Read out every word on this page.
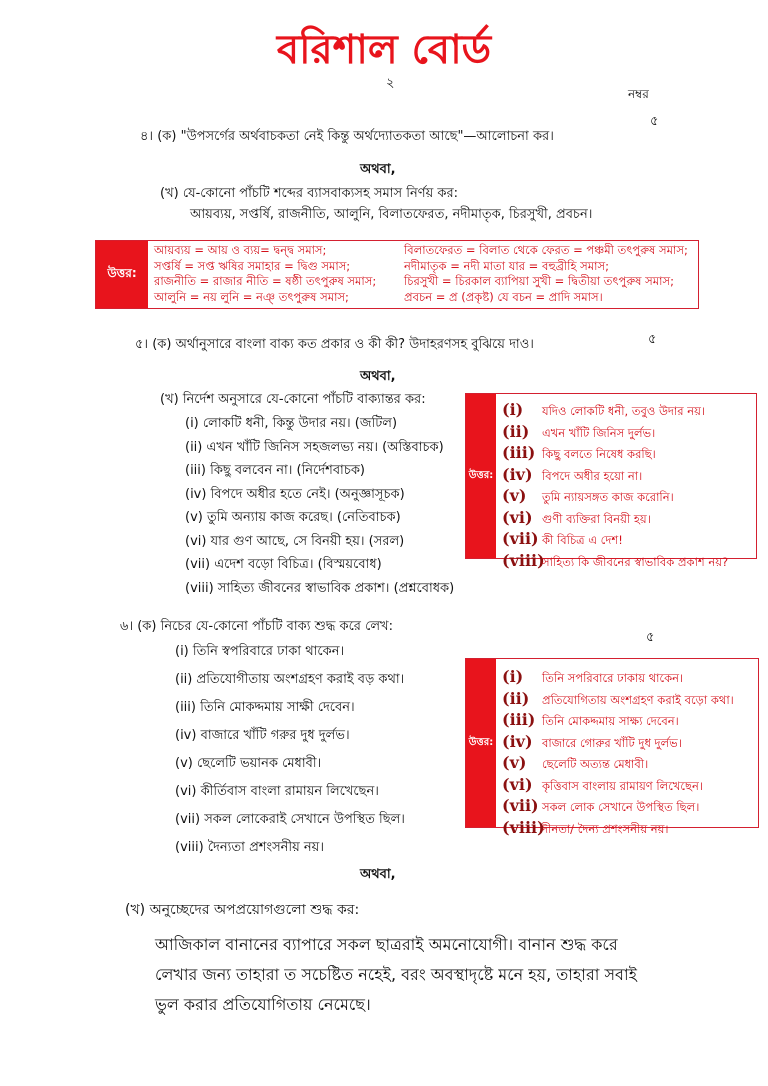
বরিশাল বোর্ড
২
নম্বর
৫
৪। (ক) "উপসর্গের অর্থবাচকতা নেই কিন্তু অর্থদ্যোতকতা আছে"—আলোচনা কর।
অথবা,
(খ) যে-কোনো পাঁচটি শব্দের ব্যাসবাক্যসহ সমাস নির্ণয় কর:
আয়ব্যয়, সপ্তর্ষি, রাজনীতি, আলুনি, বিলাতফেরত, নদীমাতৃক, চিরসুখী, প্রবচন।
উত্তর:
আয়ব্যয় = আয় ও ব্যয়= দ্বন্দ্ব সমাস;
সপ্তর্ষি = সপ্ত ঋষির সমাহার = দ্বিগু সমাস;
রাজনীতি = রাজার নীতি = ষষ্ঠী তৎপুরুষ সমাস;
আলুনি = নয় লুনি = নঞ্ তৎপুরুষ সমাস;
বিলাতফেরত = বিলাত থেকে ফেরত = পঞ্চমী তৎপুরুষ সমাস;
নদীমাতৃক = নদী মাতা যার = বহুব্রীহি সমাস;
চিরসুখী = চিরকাল ব্যাপিয়া সুখী = দ্বিতীয়া তৎপুরুষ সমাস;
প্রবচন = প্র (প্রকৃষ্ট) যে বচন = প্রাদি সমাস।
৫
৫। (ক) অর্থানুসারে বাংলা বাক্য কত প্রকার ও কী কী? উদাহরণসহ বুঝিয়ে দাও।
অথবা,
(খ) নির্দেশ অনুসারে যে-কোনো পাঁচটি বাক্যান্তর কর:
(i) লোকটি ধনী, কিন্তু উদার নয়। (জটিল)
(ii) এখন খাঁটি জিনিস সহজলভ্য নয়। (অস্তিবাচক)
(iii) কিছু বলবেন না। (নির্দেশবাচক)
(iv) বিপদে অধীর হতে নেই। (অনুজ্ঞাসূচক)
(v) তুমি অন্যায় কাজ করেছ। (নেতিবাচক)
(vi) যার গুণ আছে, সে বিনয়ী হয়। (সরল)
(vii) এদেশ বড়ো বিচিত্র। (বিস্ময়বোধ)
(viii) সাহিত্য জীবনের স্বাভাবিক প্রকাশ। (প্রশ্নবোধক)
উত্তর:
(i) যদিও লোকটি ধনী, তবুও উদার নয়।
(ii) এখন খাঁটি জিনিস দুর্লভ।
(iii) কিছু বলতে নিষেধ করছি।
(iv) বিপদে অধীর হয়ো না।
(v) তুমি ন্যায়সঙ্গত কাজ করোনি।
(vi) গুণী ব্যক্তিরা বিনয়ী হয়।
(vii) কী বিচিত্র এ দেশ!
(viii)সাহিত্য কি জীবনের স্বাভাবিক প্রকাশ নয়?
৬। (ক) নিচের যে-কোনো পাঁচটি বাক্য শুদ্ধ করে লেখ:
৫
(i) তিনি স্বপরিবারে ঢাকা থাকেন।
(ii) প্রতিযোগীতায় অংশগ্রহণ করাই বড় কথা।
(iii) তিনি মোকদ্দমায় সাক্ষী দেবেন।
(iv) বাজারে খাঁটি গরুর দুধ দুর্লভ।
(v) ছেলেটি ভয়ানক মেধাবী।
(vi) কীর্তিবাস বাংলা রামায়ন লিখেছেন।
(vii) সকল লোকেরাই সেখানে উপস্থিত ছিল।
(viii) দৈন্যতা প্রশংসনীয় নয়।
উত্তর:
(i) তিনি সপরিবারে ঢাকায় থাকেন।
(ii) প্রতিযোগিতায় অংশগ্রহণ করাই বড়ো কথা।
(iii) তিনি মোকদ্দমায় সাক্ষ্য দেবেন।
(iv) বাজারে গোরুর খাঁটি দুধ দুর্লভ।
(v) ছেলেটি অত্যন্ত মেধাবী।
(vi) কৃত্তিবাস বাংলায় রামায়ণ লিখেছেন।
(vii) সকল লোক সেখানে উপস্থিত ছিল।
(viii)দীনতা/ দৈন্য প্রশংসনীয় নয়।
অথবা,
(খ) অনুচ্ছেদের অপপ্রয়োগগুলো শুদ্ধ কর:
আজিকাল বানানের ব্যাপারে সকল ছাত্ররাই অমনোযোগী। বানান শুদ্ধ করে
লেখার জন্য তাহারা ত সচেষ্টিত নহেই, বরং অবস্থাদৃষ্টে মনে হয়, তাহারা সবাই
ভুল করার প্রতিযোগিতায় নেমেছে।
